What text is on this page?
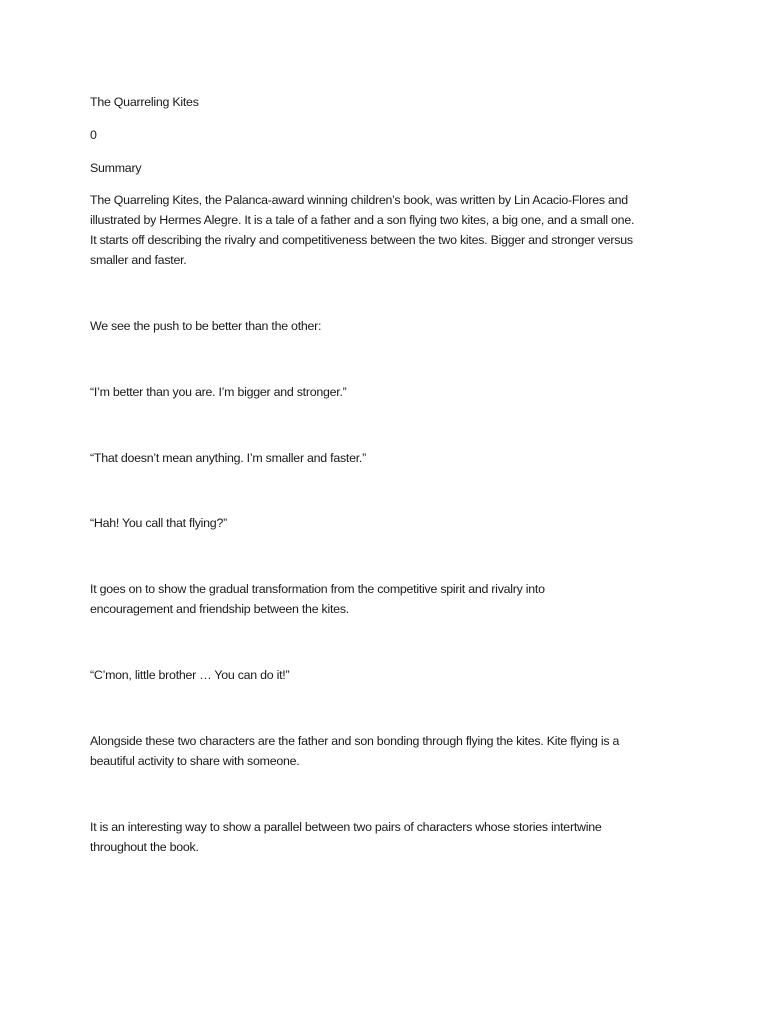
The Quarreling Kites

0

Summary

The Quarreling Kites, the Palanca-award winning children’s book, was written by Lin Acacio-Flores and

illustrated by Hermes Alegre. It is a tale of a father and a son flying two kites, a big one, and a small one.

It starts off describing the rivalry and competitiveness between the two kites. Bigger and stronger versus

smaller and faster.

We see the push to be better than the other:

“I’m better than you are. I’m bigger and stronger.”

“That doesn’t mean anything. I’m smaller and faster.”

“Hah! You call that flying?”

It goes on to show the gradual transformation from the competitive spirit and rivalry into

encouragement and friendship between the kites.

“C’mon, little brother … You can do it!”

Alongside these two characters are the father and son bonding through flying the kites. Kite flying is a

beautiful activity to share with someone.

It is an interesting way to show a parallel between two pairs of characters whose stories intertwine

throughout the book.
